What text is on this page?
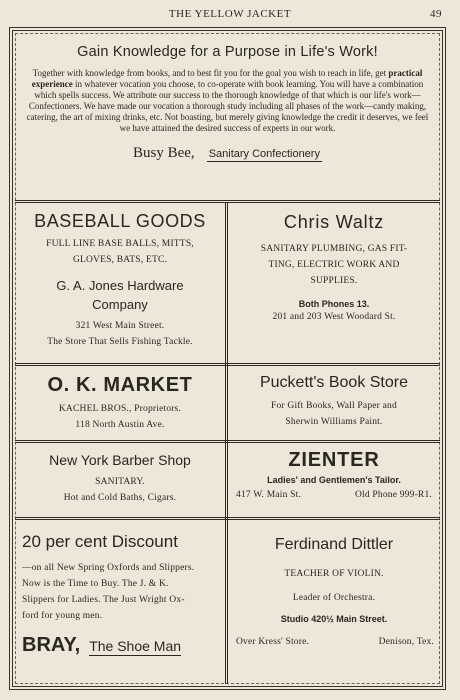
THE YELLOW JACKET	49
Gain Knowledge for a Purpose in Life's Work!
Together with knowledge from books, and to best fit you for the goal you wish to reach in life, get practical experience in whatever vocation you choose, to co-operate with book learning. You will have a combination which spells success. We attribute our success to the thorough knowledge of that which is our life's work—Confectioners. We have made our vocation a thorough study including all phases of the work—candy making, catering, the art of mixing drinks, etc. Not boasting, but merely giving knowledge the credit it deserves, we feel we have attained the desired success of experts in our work.
Busy Bee, Sanitary Confectionery
BASEBALL GOODS
FULL LINE BASE BALLS, MITTS,
GLOVES, BATS, ETC.
G. A. Jones Hardware
Company
321 West Main Street.
The Store That Sells Fishing Tackle.
Chris Waltz
SANITARY PLUMBING, GAS FIT-
TING, ELECTRIC WORK AND
SUPPLIES.
Both Phones 13.
201 and 203 West Woodard St.
O. K. MARKET
KACHEL BROS., Proprietors.
118 North Austin Ave.
Puckett's Book Store
For Gift Books, Wall Paper and
Sherwin Williams Paint.
New York Barber Shop
SANITARY.
Hot and Cold Baths, Cigars.
ZIENTER
Ladies' and Gentlemen's Tailor.
417 W. Main St.	Old Phone 999-R1.
20 per cent Discount
—on all New Spring Oxfords and Slippers.
Now is the Time to Buy. The J. & K.
Slippers for Ladies. The Just Wright Ox-
ford for young men.
BRAY, The Shoe Man
Ferdinand Dittler
TEACHER OF VIOLIN.
Leader of Orchestra.
Studio 420½ Main Street.
Over Kress' Store.	Denison, Tex.
